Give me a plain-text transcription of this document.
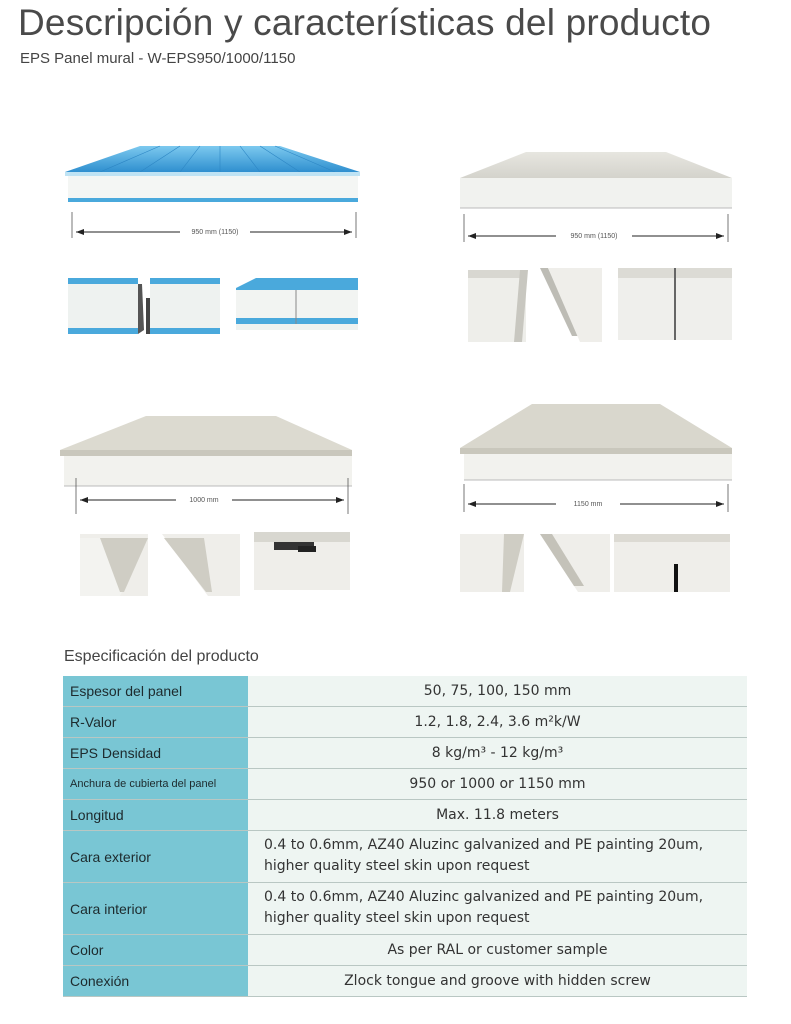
Descripción y características del producto
EPS Panel mural - W-EPS950/1000/1150
950 mm (1150)
950 mm (1150)
1000 mm
1150 mm
Especificación del producto
Espesor del panel	50, 75, 100, 150 mm
R-Valor	1.2, 1.8, 2.4, 3.6 m²k/W
EPS Densidad	8 kg/m³ - 12 kg/m³
Anchura de cubierta del panel	950 or 1000 or 1150 mm
Longitud	Max. 11.8 meters
Cara exterior	0.4 to 0.6mm, AZ40 Aluzinc galvanized and PE painting 20um, higher quality steel skin upon request
Cara interior	0.4 to 0.6mm, AZ40 Aluzinc galvanized and PE painting 20um, higher quality steel skin upon request
Color	As per RAL or customer sample
Conexión	Zlock tongue and groove with hidden screw
